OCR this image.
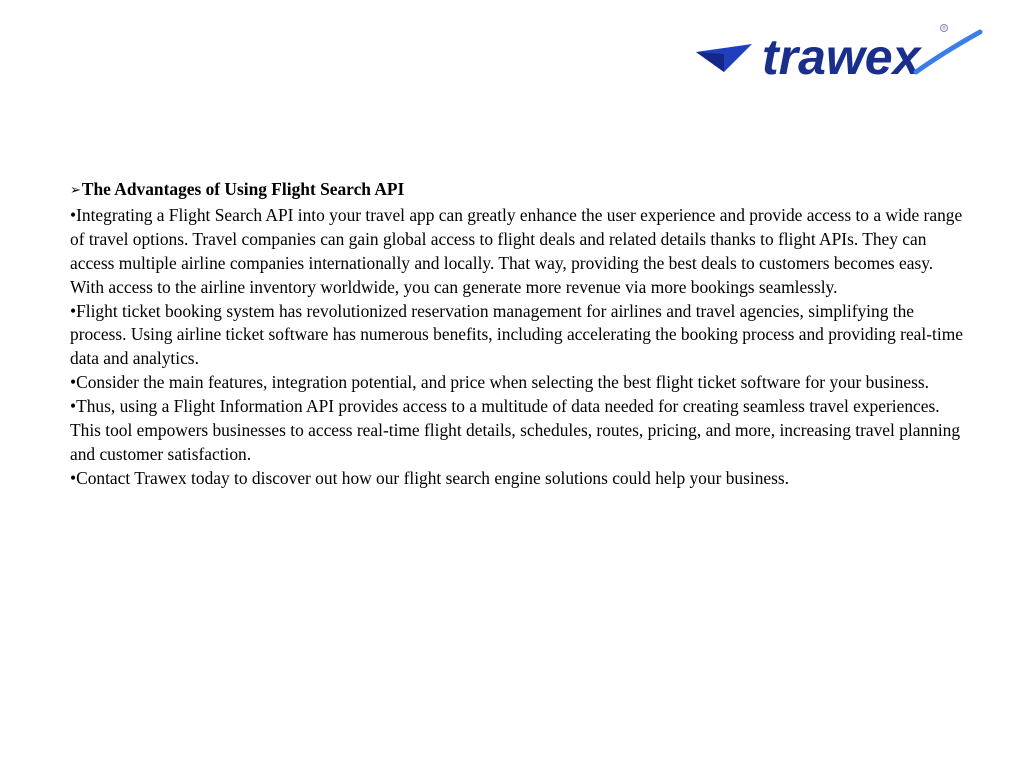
trawex	®
➢The Advantages of Using Flight Search API

•Integrating a Flight Search API into your travel app can greatly enhance the user experience and provide access to a wide range of travel options. Travel companies can gain global access to flight deals and related details thanks to flight APIs. They can access multiple airline companies internationally and locally. That way, providing the best deals to customers becomes easy. With access to the airline inventory worldwide, you can generate more revenue via more bookings seamlessly.

•Flight ticket booking system has revolutionized reservation management for airlines and travel agencies, simplifying the process. Using airline ticket software has numerous benefits, including accelerating the booking process and providing real-time data and analytics.

•Consider the main features, integration potential, and price when selecting the best flight ticket software for your business.

•Thus, using a Flight Information API provides access to a multitude of data needed for creating seamless travel experiences. This tool empowers businesses to access real-time flight details, schedules, routes, pricing, and more, increasing travel planning and customer satisfaction.

•Contact Trawex today to discover out how our flight search engine solutions could help your business.
